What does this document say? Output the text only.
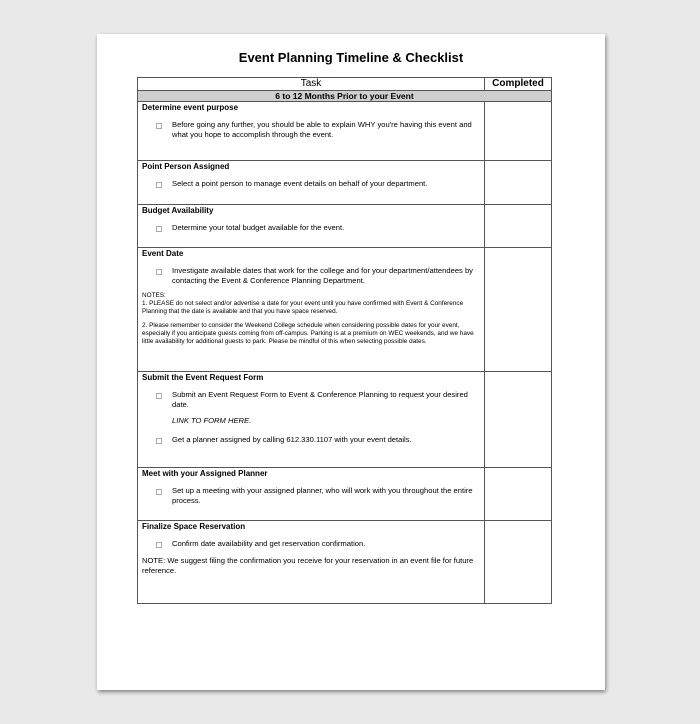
Event Planning Timeline & Checklist
Task	Completed
6 to 12 Months Prior to your Event	

Determine event purpose
Before going any further, you should be able to explain WHY you're having this event and what you hope to accomplish through the event.	

Point Person Assigned
Select a point person to manage event details on behalf of your department.	

Budget Availability
Determine your total budget available for the event.	

Event Date
Investigate available dates that work for the college and for your department/attendees by contacting the Event & Conference Planning Department.
NOTES:
1. PLEASE do not select and/or advertise a date for your event until you have confirmed with Event & Conference Planning that the date is available and that you have space reserved.
2. Please remember to consider the Weekend College schedule when considering possible dates for your event, especially if you anticipate guests coming from off-campus. Parking is at a premium on WEC weekends, and we have little availability for additional guests to park. Please be mindful of this when selecting possible dates.	

Submit the Event Request Form
Submit an Event Request Form to Event & Conference Planning to request your desired date.
LINK TO FORM HERE.
Get a planner assigned by calling 612.330.1107 with your event details.	

Meet with your Assigned Planner
Set up a meeting with your assigned planner, who will work with you throughout the entire process.	

Finalize Space Reservation
Confirm date availability and get reservation confirmation.
NOTE: We suggest filing the confirmation you receive for your reservation in an event file for future reference.	
